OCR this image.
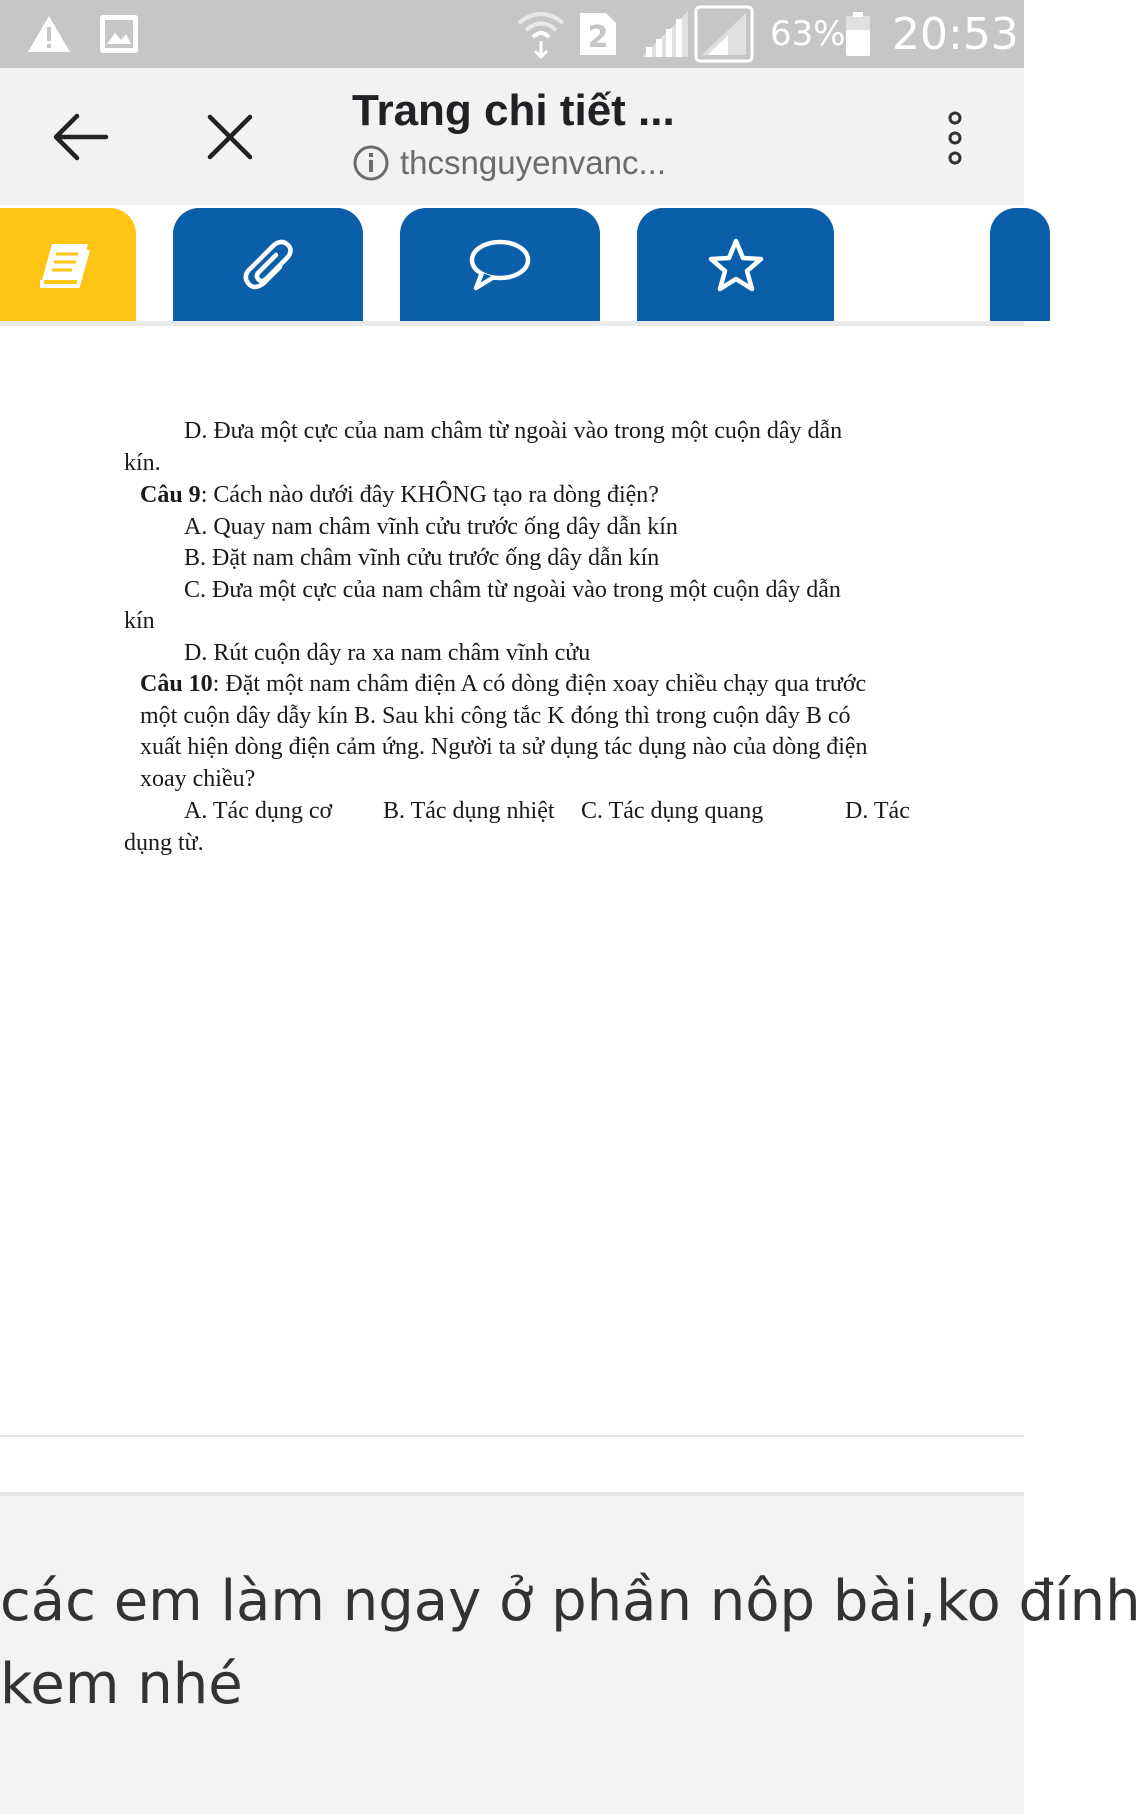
2	63% 20:53
Trang chi tiết ...
thcsnguyenvanc...
D. Đưa một cực của nam châm từ ngoài vào trong một cuộn dây dẫn
kín.
Câu 9: Cách nào dưới đây KHÔNG tạo ra dòng điện?
A. Quay nam châm vĩnh cửu trước ống dây dẫn kín
B. Đặt nam châm vĩnh cửu trước ống dây dẫn kín
C. Đưa một cực của nam châm từ ngoài vào trong một cuộn dây dẫn
kín
D. Rút cuộn dây ra xa nam châm vĩnh cửu
Câu 10: Đặt một nam châm điện A có dòng điện xoay chiều chạy qua trước
một cuộn dây dẫy kín B. Sau khi công tắc K đóng thì trong cuộn dây B có
xuất hiện dòng điện cảm ứng. Người ta sử dụng tác dụng nào của dòng điện
xoay chiều?
A. Tác dụng cơ B. Tác dụng nhiệt C. Tác dụng quang	D. Tác
dụng từ.
các em làm ngay ở phần nôp bài,ko đính
kem nhé
